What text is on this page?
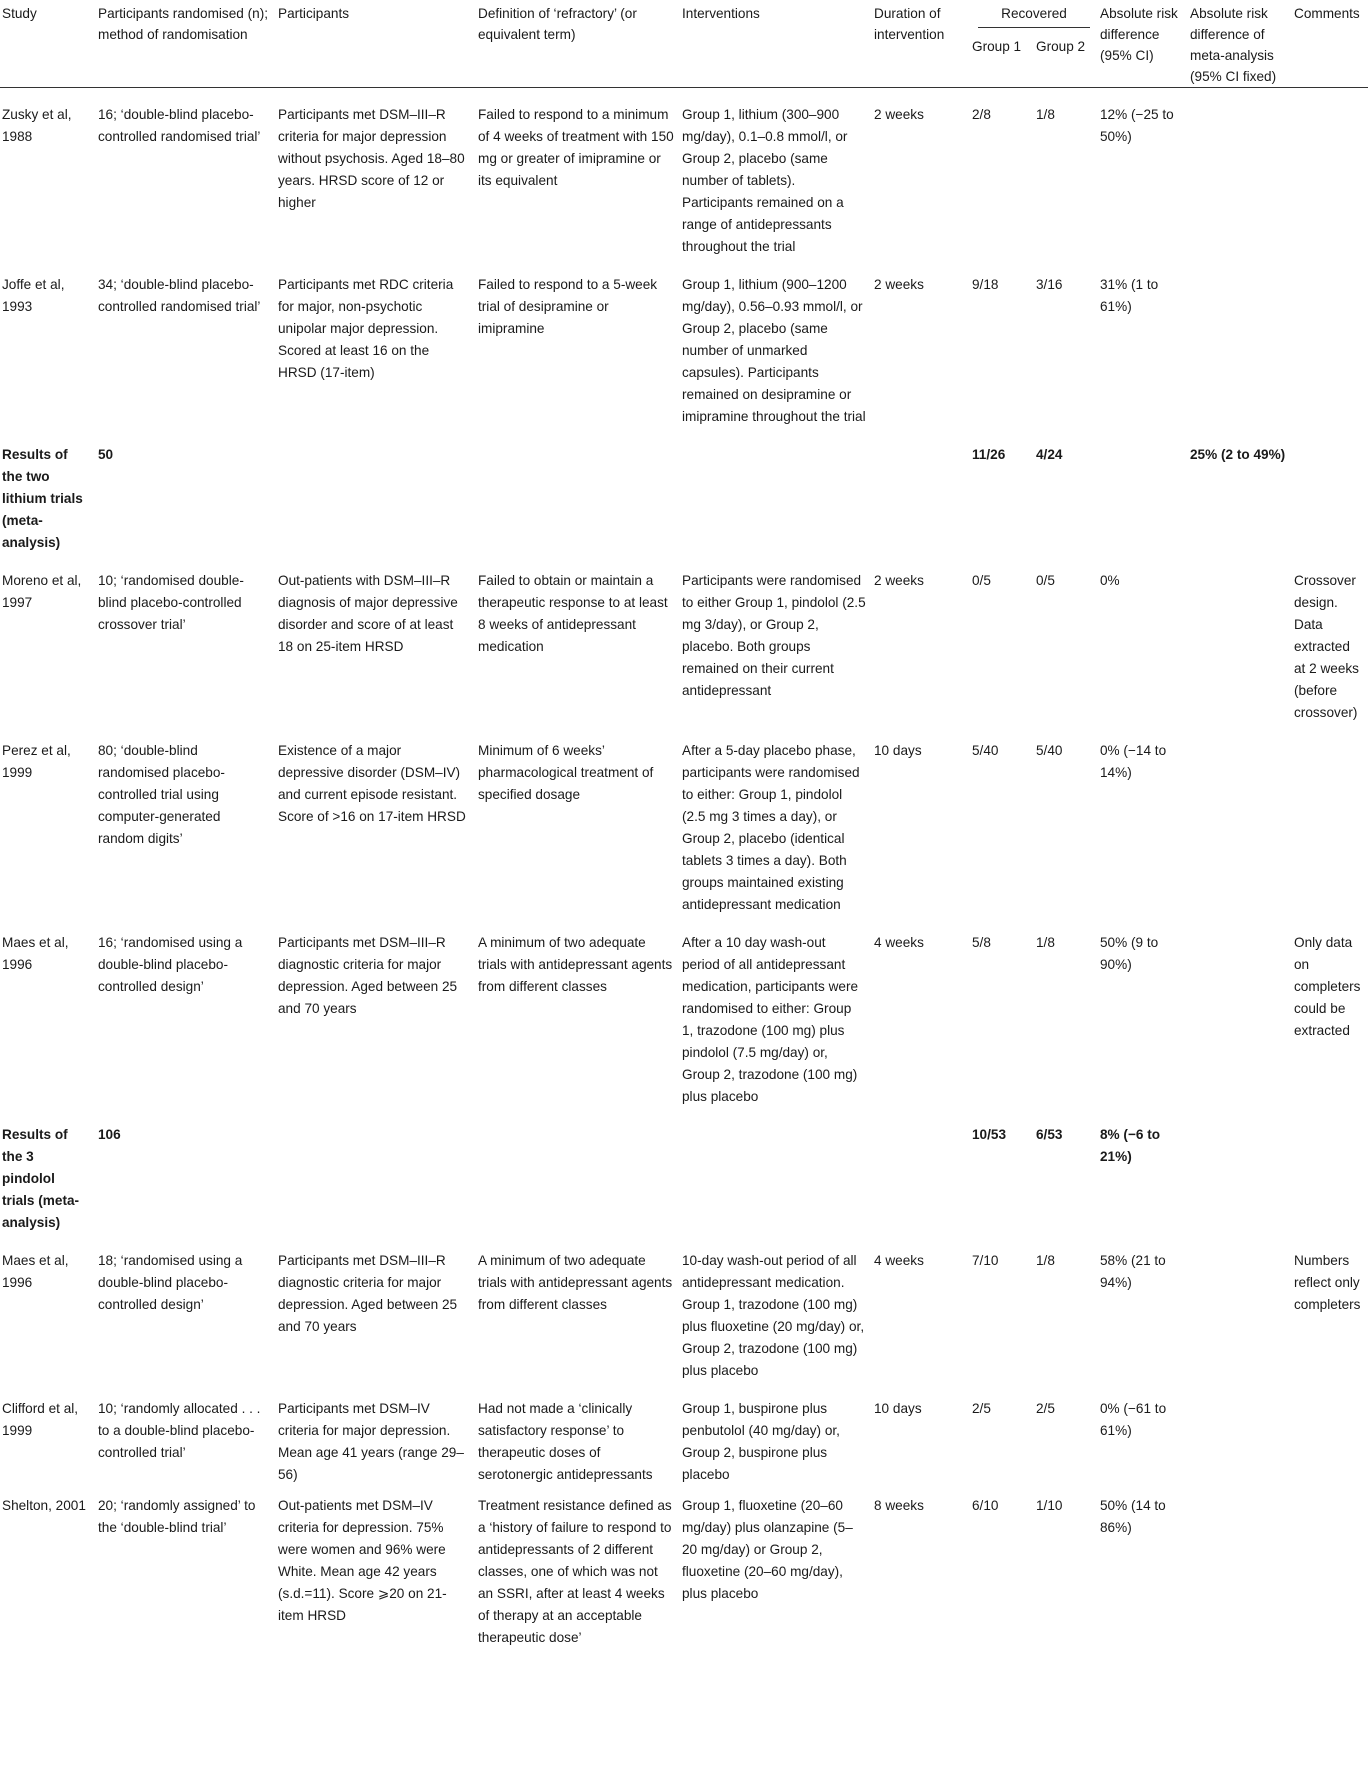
Study	Participants randomised (n); method of randomisation	Participants	Definition of ‘refractory’ (or equivalent term)	Interventions	Duration of intervention	Recovered		Absolute risk difference (95% CI)	Absolute risk difference of meta-analysis (95% CI fixed)	Comments
						Group 1	Group 2			
Zusky et al, 1988	16; ‘double-blind placebo-controlled randomised trial’	Participants met DSM–III–R criteria for major depression without psychosis. Aged 18–80 years. HRSD score of 12 or higher	Failed to respond to a minimum of 4 weeks of treatment with 150 mg or greater of imipramine or its equivalent	Group 1, lithium (300–900 mg/day), 0.1–0.8 mmol/l, or Group 2, placebo (same number of tablets). Participants remained on a range of antidepressants throughout the trial	2 weeks	2/8	1/8	12% (−25 to 50%)		
Joffe et al, 1993	34; ‘double-blind placebo-controlled randomised trial’	Participants met RDC criteria for major, non-psychotic unipolar major depression. Scored at least 16 on the HRSD (17-item)	Failed to respond to a 5-week trial of desipramine or imipramine	Group 1, lithium (900–1200 mg/day), 0.56–0.93 mmol/l, or Group 2, placebo (same number of unmarked capsules). Participants remained on desipramine or imipramine throughout the trial	2 weeks	9/18	3/16	31% (1 to 61%)		
Results of the two lithium trials (meta-analysis)	50					11/26	4/24		25% (2 to 49%)	
Moreno et al, 1997	10; ‘randomised double-blind placebo-controlled crossover trial’	Out-patients with DSM–III–R diagnosis of major depressive disorder and score of at least 18 on 25-item HRSD	Failed to obtain or maintain a therapeutic response to at least 8 weeks of antidepressant medication	Participants were randomised to either Group 1, pindolol (2.5 mg 3/day), or Group 2, placebo. Both groups remained on their current antidepressant	2 weeks	0/5	0/5	0%		Crossover design. Data extracted at 2 weeks (before crossover)
Perez et al, 1999	80; ‘double-blind randomised placebo-controlled trial using computer-generated random digits’	Existence of a major depressive disorder (DSM–IV) and current episode resistant. Score of >16 on 17-item HRSD	Minimum of 6 weeks’ pharmacological treatment of specified dosage	After a 5-day placebo phase, participants were randomised to either: Group 1, pindolol (2.5 mg 3 times a day), or Group 2, placebo (identical tablets 3 times a day). Both groups maintained existing antidepressant medication	10 days	5/40	5/40	0% (−14 to 14%)		
Maes et al, 1996	16; ‘randomised using a double-blind placebo-controlled design’	Participants met DSM–III–R diagnostic criteria for major depression. Aged between 25 and 70 years	A minimum of two adequate trials with antidepressant agents from different classes	After a 10 day wash-out period of all antidepressant medication, participants were randomised to either: Group 1, trazodone (100 mg) plus pindolol (7.5 mg/day) or, Group 2, trazodone (100 mg) plus placebo	4 weeks	5/8	1/8	50% (9 to 90%)		Only data on completers could be extracted
Results of the 3 pindolol trials (meta-analysis)	106					10/53	6/53	8% (−6 to 21%)		
Maes et al, 1996	18; ‘randomised using a double-blind placebo-controlled design’	Participants met DSM–III–R diagnostic criteria for major depression. Aged between 25 and 70 years	A minimum of two adequate trials with antidepressant agents from different classes	10-day wash-out period of all antidepressant medication. Group 1, trazodone (100 mg) plus fluoxetine (20 mg/day) or, Group 2, trazodone (100 mg) plus placebo	4 weeks	7/10	1/8	58% (21 to 94%)		Numbers reflect only completers
Clifford et al, 1999	10; ‘randomly allocated . . . to a double-blind placebo-controlled trial’	Participants met DSM–IV criteria for major depression. Mean age 41 years (range 29–56)	Had not made a ‘clinically satisfactory response’ to therapeutic doses of serotonergic antidepressants	Group 1, buspirone plus penbutolol (40 mg/day) or, Group 2, buspirone plus placebo	10 days	2/5	2/5	0% (−61 to 61%)		
Shelton, 2001	20; ‘randomly assigned’ to the ‘double-blind trial’	Out-patients met DSM–IV criteria for depression. 75% were women and 96% were White. Mean age 42 years (s.d.=11). Score ⩾20 on 21-item HRSD	Treatment resistance defined as a ‘history of failure to respond to antidepressants of 2 different classes, one of which was not an SSRI, after at least 4 weeks of therapy at an acceptable therapeutic dose’	Group 1, fluoxetine (20–60 mg/day) plus olanzapine (5–20 mg/day) or Group 2, fluoxetine (20–60 mg/day), plus placebo	8 weeks	6/10	1/10	50% (14 to 86%)		
